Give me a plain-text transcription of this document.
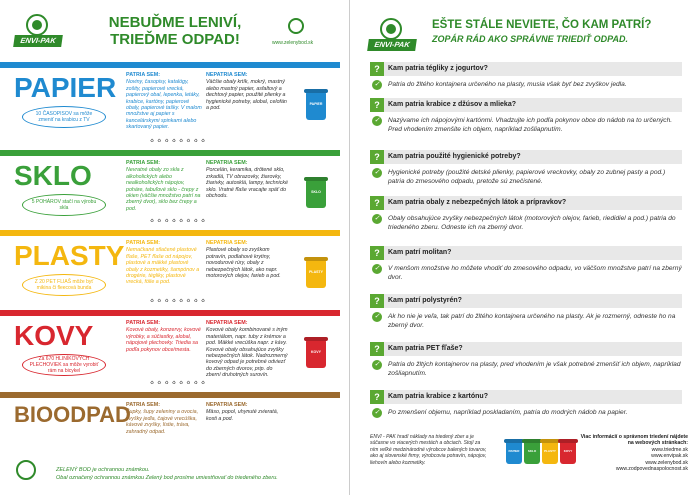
ENVI-PAK
NEBUĎME LENIVÍ,
TRIEĎME ODPAD!	www.zelenybod.sk
PAPIER
10 ČASOPISOV sa môže zmeniť na krabicu z TV
PATRIA SEM:
Noviny, časopisy, katalógy, zošity, papierové vrecká, papierový obal, lepenka, letáky, krabice, kartóny, papierové obaly, papierové tašky. V malom množstve aj papier s kancelárskymi spinkami alebo skartovaný papier.
NEPATRIA SEM:
Väčšie obaly krtík, mokrý, mastný alebo mastný papier, asfaltový a dechtový papier, použité plienky a hygienické potreby, alobal, celofán a pod.
PAPIER
♻ ♻ ♻ ♻ ♻ ♻ ♻ ♻
SKLO
5 POHÁROV stačí na výrobu skla
PATRIA SEM:
Nevratné obaly zo skla z alkoholických alebo nealkoholických nápojov, poháre, tabuľové sklo - črepy z okien (väčšie množstvo patrí na zberný dvor), sklo bez črepy a pod.
NEPATRIA SEM:
Porcelán, keramika, drôtené sklo, zrkadlá, TV obrazovky, žiarovky, žiarivky, autosklá, lampy, technické sklo. Vratné fľaše vracajte späť do obchodu.
SKLO
♻ ♻ ♻ ♻ ♻ ♻ ♻ ♻
PLASTY
Z 20 PET FLIAŠ môže byť mikina či fleecová bunda
PATRIA SEM:
Nemačkané stlačené plastové fľaše, PET fľaše od nápojov, plastové a mäkké plastové obaly z kozmetiky, šampónov a drogérie, tégliky, plastové vrecká, fólie a pod.
NEPATRIA SEM:
Plastové obaly so zvyškom potravín, podlahové krytiny, novodurové rúry, obaly z nebezpečných látok, ako napr. motorových olejov, farieb a pod.
PLASTY
♻ ♻ ♻ ♻ ♻ ♻ ♻ ♻
KOVY
Za 670 HLINÍKOVÝCH PLECHOVIEK sa môže vyrobiť rám na bicykel
PATRIA SEM:
Kovové obaly, konzervy, kovové výrobky, a súčiastky, alobal, nápojové plechovky. Triedia sa podľa pokynov obce/mesta.
NEPATRIA SEM:
Kovové obaly kombinované s iným materiálom, napr. tuby z krémov a pod. Mäkké vrecúška napr. z kávy. Kovové obaly obsahujúce zvyšky nebezpečných látok. Nadrozmerný kovový odpad je potrebné odviezť do zberných dvorov, prip. do zberní druhotných surovín.
KOVY
♻ ♻ ♻ ♻ ♻ ♻ ♻ ♻
BIOODPAD
PATRIA SEM:
Šupky, šupy zeleniny a ovocia, zvyšky jedla, čajové vrecúška, kávové zvyšky, lístie, tráva, zahradný odpad.
NEPATRIA SEM:
Mäso, popol, uhynuté zvieratá, kosti a pod.
ZELENÝ BOD je ochrannou známkou.
Obal označený ochrannou známkou Zelený bod prosíme umiestňovať do triedeného zberu.
ENVI-PAK
EŠTE STÁLE NEVIETE, ČO KAM PATRÍ?
ZOPÁR RÁD AKO SPRÁVNE TRIEDIŤ ODPAD.
?	Kam patria tégliky z jogurtov?
✓	Patria do žltého kontajnera určeného na plasty, musia však byť bez zvyškov jedla.
?	Kam patria krabice z džúsov a mlieka?
✓	Nazývame ich nápojovými kartónmi. Vhadzujte ich podľa pokynov obce do nádob na to určených. Pred vhodením zmenšite ich objem, napríklad zošliapnutím.
?	Kam patria použité hygienické potreby?
✓	Hygienické potreby (použité detské plienky, papierové vreckovky, obaly zo zubnej pasty a pod.) patria do zmesového odpadu, pretože sú znečistené.
?	Kam patria obaly z nebezpečných látok a prípravkov?
✓	Obaly obsahujúce zvyšky nebezpečných látok (motorových olejov, farieb, riedidiel a pod.) patria do triedeného zberu. Odneste ich na zberný dvor.
?	Kam patrí molitan?
✓	V menšom množstve ho môžete vhodiť do zmesového odpadu, vo väčšom množstve patrí na zberný dvor.
?	Kam patrí polystyrén?
✓	Ak ho nie je veľa, tak patrí do žltého kontajnera určeného na plasty. Ak je rozmerný, odneste ho na zberný dvor.
?	Kam patria PET fľaše?
✓	Patria do žltých kontajnerov na plasty, pred vhodením je však potrebné zmenšiť ich objem, napríklad zošliapnutím.
?	Kam patria krabice z kartónu?
✓	Po zmenšení objemu, napríklad poskladaním, patria do modrých nádob na papier.
ENVI - PAK hradí náklady na triedený zber a je súčasne vo viacerých mestách a obciach. Stojí za ním veľké medzinárodné výrobcov balených tovarov, ako aj slovenské firmy, výrobcovia potravín, nápojov, liehovín alebo kozmetiky.
PAPIER	SKLO	PLASTY	KOVY
Viac informácií o správnom triedení nájdete na webových stránkach:
www.triedme.sk
www.envipak.sk
www.zelenybod.sk
www.zodpovednaspolocnost.sk
